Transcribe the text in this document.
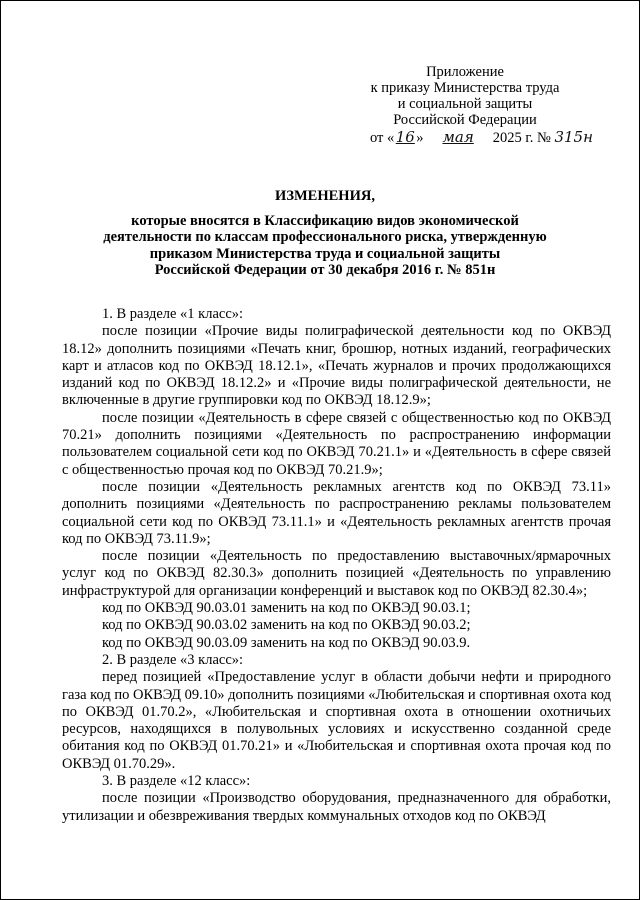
Приложение
к приказу Министерства труда
и социальной защиты
Российской Федерации
от «16» мая 2025 г. № 315н
ИЗМЕНЕНИЯ,
которые вносятся в Классификацию видов экономической
деятельности по классам профессионального риска, утвержденную
приказом Министерства труда и социальной защиты
Российской Федерации от 30 декабря 2016 г. № 851н

1. В разделе «1 класс»:

после позиции «Прочие виды полиграфической деятельности код по ОКВЭД 18.12» дополнить позициями «Печать книг, брошюр, нотных изданий, географических карт и атласов код по ОКВЭД 18.12.1», «Печать журналов и прочих продолжающихся изданий код по ОКВЭД 18.12.2» и «Прочие виды полиграфической деятельности, не включенные в другие группировки код по ОКВЭД 18.12.9»;

после позиции «Деятельность в сфере связей с общественностью код по ОКВЭД 70.21» дополнить позициями «Деятельность по распространению информации пользователем социальной сети код по ОКВЭД 70.21.1» и «Деятельность в сфере связей с общественностью прочая код по ОКВЭД 70.21.9»;

после позиции «Деятельность рекламных агентств код по ОКВЭД 73.11» дополнить позициями «Деятельность по распространению рекламы пользователем социальной сети код по ОКВЭД 73.11.1» и «Деятельность рекламных агентств прочая код по ОКВЭД 73.11.9»;

после позиции «Деятельность по предоставлению выставочных/ярмарочных услуг код по ОКВЭД 82.30.3» дополнить позицией «Деятельность по управлению инфраструктурой для организации конференций и выставок код по ОКВЭД 82.30.4»;

код по ОКВЭД 90.03.01 заменить на код по ОКВЭД 90.03.1;

код по ОКВЭД 90.03.02 заменить на код по ОКВЭД 90.03.2;

код по ОКВЭД 90.03.09 заменить на код по ОКВЭД 90.03.9.

2. В разделе «3 класс»:

перед позицией «Предоставление услуг в области добычи нефти и природного газа код по ОКВЭД 09.10» дополнить позициями «Любительская и спортивная охота код по ОКВЭД 01.70.2», «Любительская и спортивная охота в отношении охотничьих ресурсов, находящихся в полувольных условиях и искусственно созданной среде обитания код по ОКВЭД 01.70.21» и «Любительская и спортивная охота прочая код по ОКВЭД 01.70.29».

3. В разделе «12 класс»:

после позиции «Производство оборудования, предназначенного для обработки, утилизации и обезвреживания твердых коммунальных отходов код по ОКВЭД
